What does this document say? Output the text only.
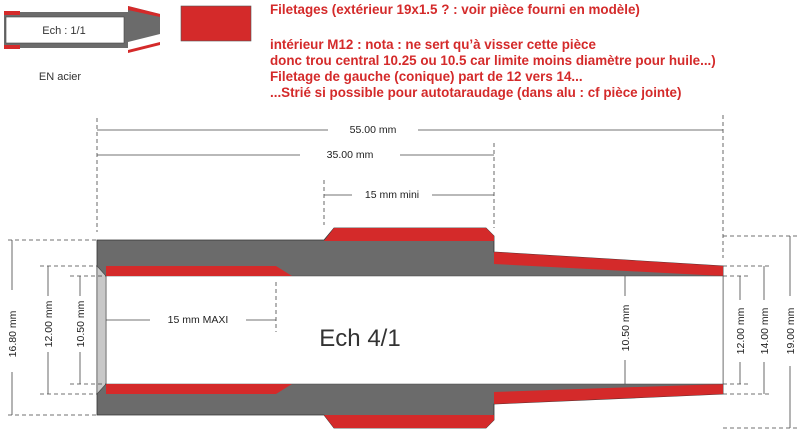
Ech : 1/1
EN acier
55.00 mm
35.00 mm
15 mm mini
Ech 4/1
15 mm MAXI
16.80 mm 12.00 mm 10.50 mm	10.50 mm	12.00 mm 14.00 mm 19.00 mm
Filetages (extérieur 19x1.5 ? : voir pièce fourni en modèle)
intérieur M12 : nota : ne sert qu’à visser cette pièce
donc trou central 10.25 ou 10.5 car limite moins diamètre pour huile...)
Filetage de gauche (conique) part de 12 vers 14...
...Strié si possible pour autotaraudage (dans alu : cf pièce jointe)
